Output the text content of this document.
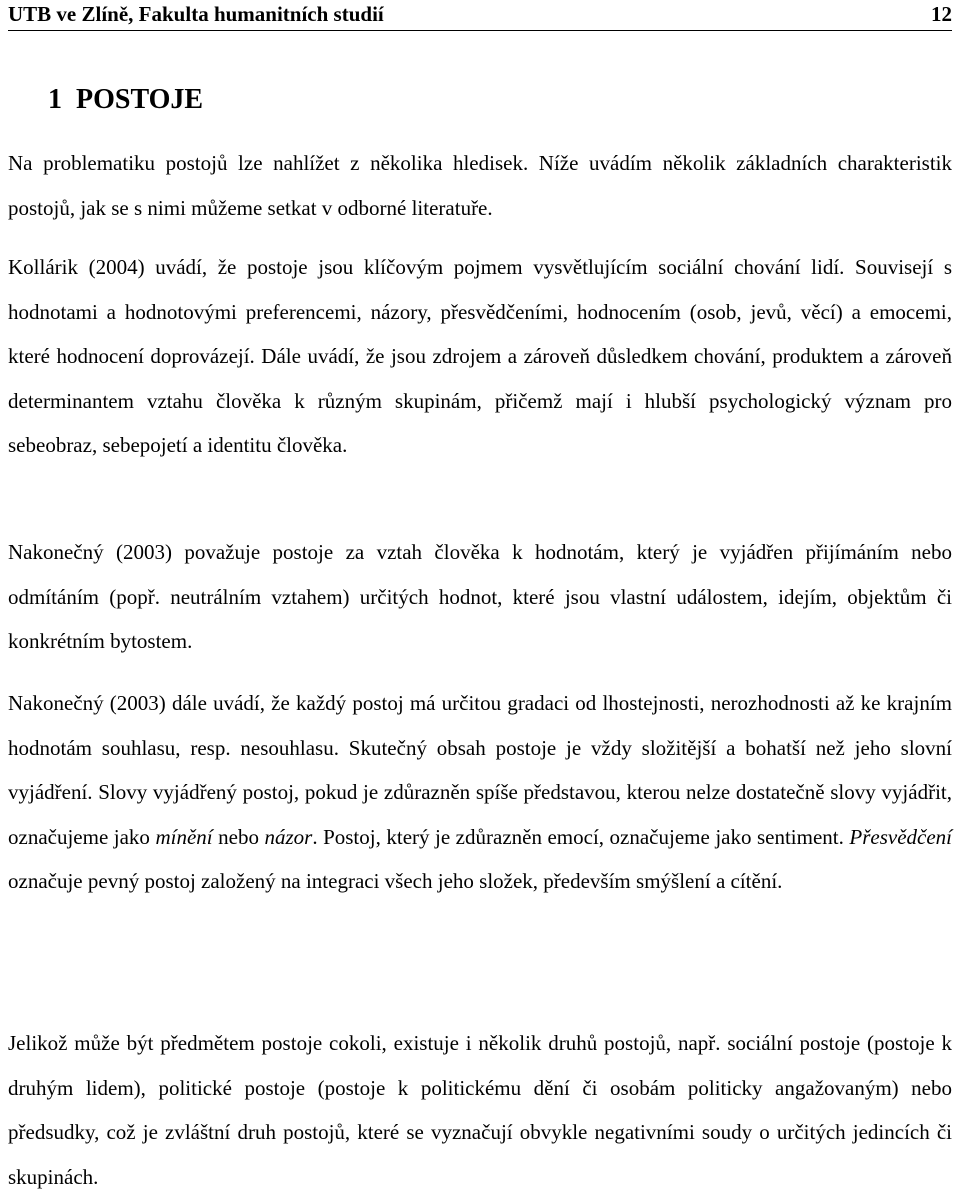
UTB ve Zlíně, Fakulta humanitních studií	12
1 POSTOJE

Na problematiku postojů lze nahlížet z několika hledisek. Níže uvádím několik základních charakteristik postojů, jak se s nimi můžeme setkat v odborné literatuře.

Kollárik (2004) uvádí, že postoje jsou klíčovým pojmem vysvětlujícím sociální chování lidí. Souvisejí s hodnotami a hodnotovými preferencemi, názory, přesvědčeními, hodnocením (osob, jevů, věcí) a emocemi, které hodnocení doprovázejí. Dále uvádí, že jsou zdrojem a zároveň důsledkem chování, produktem a zároveň determinantem vztahu člověka k různým skupinám, přičemž mají i hlubší psychologický význam pro sebeobraz, sebepojetí a identitu člověka.

Nakonečný (2003) považuje postoje za vztah člověka k hodnotám, který je vyjádřen přijímáním nebo odmítáním (popř. neutrálním vztahem) určitých hodnot, které jsou vlastní událostem, idejím, objektům či konkrétním bytostem.

Nakonečný (2003) dále uvádí, že každý postoj má určitou gradaci od lhostejnosti, nerozhodnosti až ke krajním hodnotám souhlasu, resp. nesouhlasu. Skutečný obsah postoje je vždy složitější a bohatší než jeho slovní vyjádření. Slovy vyjádřený postoj, pokud je zdůrazněn spíše představou, kterou nelze dostatečně slovy vyjádřit, označujeme jako mínění nebo názor. Postoj, který je zdůrazněn emocí, označujeme jako sentiment. Přesvědčení označuje pevný postoj založený na integraci všech jeho složek, především smýšlení a cítění.

Jelikož může být předmětem postoje cokoli, existuje i několik druhů postojů, např. sociální postoje (postoje k druhým lidem), politické postoje (postoje k politickému dění či osobám politicky angažovaným) nebo předsudky, což je zvláštní druh postojů, které se vyznačují obvykle negativními soudy o určitých jedincích či skupinách.
